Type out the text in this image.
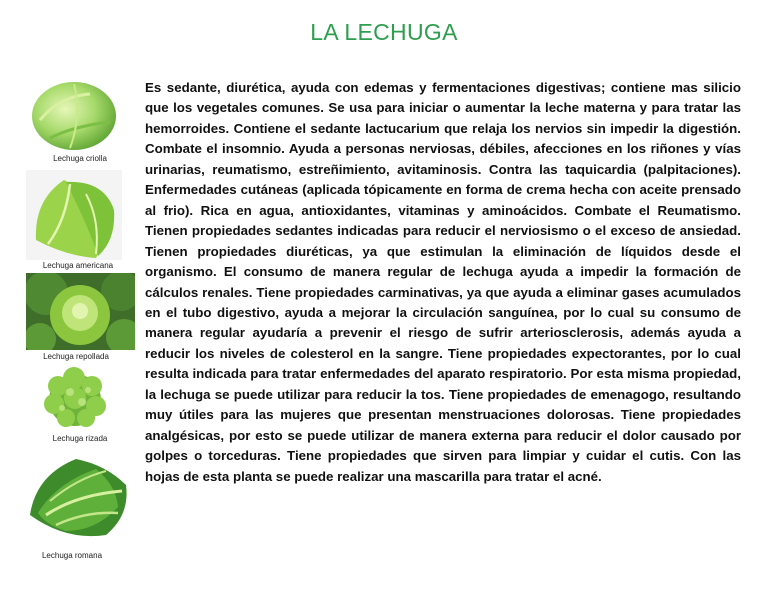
LA LECHUGA
Lechuga criolla
Lechuga americana
Lechuga repollada
Lechuga rizada
Lechuga romana

Es sedante, diurética, ayuda con edemas y fermentaciones digestivas; contiene mas silicio que los vegetales comunes. Se usa para iniciar o aumentar la leche materna y para tratar las hemorroides. Contiene el sedante lactucarium que relaja los nervios sin impedir la digestión. Combate el insomnio. Ayuda a personas nerviosas, débiles, afecciones en los riñones y vías urinarias, reumatismo, estreñimiento, avitaminosis. Contra las taquicardia (palpitaciones). Enfermedades cutáneas (aplicada tópicamente en forma de crema hecha con aceite prensado al frio). Rica en agua, antioxidantes, vitaminas y aminoácidos. Combate el Reumatismo. Tienen propiedades sedantes indicadas para reducir el nerviosismo o el exceso de ansiedad. Tienen propiedades diuréticas, ya que estimulan la eliminación de líquidos desde el organismo. El consumo de manera regular de lechuga ayuda a impedir la formación de cálculos renales. Tiene propiedades carminativas, ya que ayuda a eliminar gases acumulados en el tubo digestivo, ayuda a mejorar la circulación sanguínea, por lo cual su consumo de manera regular ayudaría a prevenir el riesgo de sufrir arteriosclerosis, además ayuda a reducir los niveles de colesterol en la sangre. Tiene propiedades expectorantes, por lo cual resulta indicada para tratar enfermedades del aparato respiratorio. Por esta misma propiedad, la lechuga se puede utilizar para reducir la tos. Tiene propiedades de emenagogo, resultando muy útiles para las mujeres que presentan menstruaciones dolorosas. Tiene propiedades analgésicas, por esto se puede utilizar de manera externa para reducir el dolor causado por golpes o torceduras. Tiene propiedades que sirven para limpiar y cuidar el cutis. Con las hojas de esta planta se puede realizar una mascarilla para tratar el acné.
